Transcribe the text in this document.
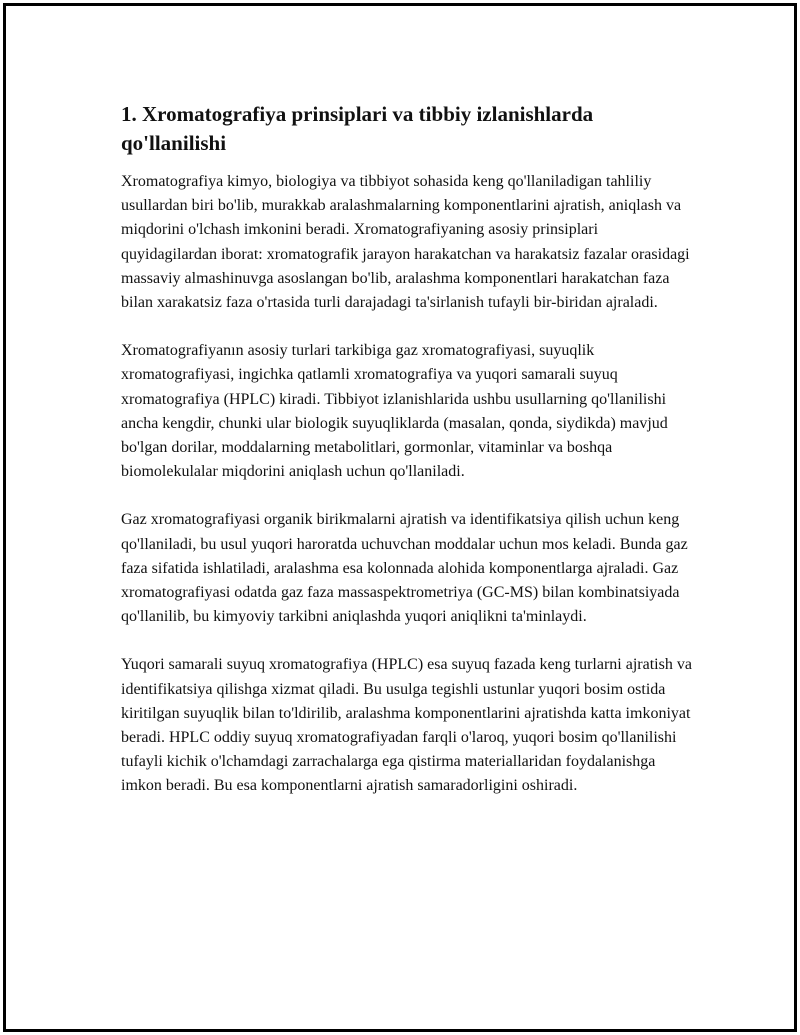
1. Xromatografiya prinsiplari va tibbiy izlanishlarda qo'llanilishi

Xromatografiya kimyo, biologiya va tibbiyot sohasida keng qo'llaniladigan tahliliy usullardan biri bo'lib, murakkab aralashmalarning komponentlarini ajratish, aniqlash va miqdorini o'lchash imkonini beradi. Xromatografiyaning asosiy prinsiplari quyidagilardan iborat: xromatografik jarayon harakatchan va harakatsiz fazalar orasidagi massaviy almashinuvga asoslangan bo'lib, aralashma komponentlari harakatchan faza bilan xarakatsiz faza o'rtasida turli darajadagi ta'sirlanish tufayli bir-biridan ajraladi.

Xromatografiyanın asosiy turlari tarkibiga gaz xromatografiyasi, suyuqlik xromatografiyasi, ingichka qatlamli xromatografiya va yuqori samarali suyuq xromatografiya (HPLC) kiradi. Tibbiyot izlanishlarida ushbu usullarning qo'llanilishi ancha kengdir, chunki ular biologik suyuqliklarda (masalan, qonda, siydikda) mavjud bo'lgan dorilar, moddalarning metabolitlari, gormonlar, vitaminlar va boshqa biomolekulalar miqdorini aniqlash uchun qo'llaniladi.

Gaz xromatografiyasi organik birikmalarni ajratish va identifikatsiya qilish uchun keng qo'llaniladi, bu usul yuqori haroratda uchuvchan moddalar uchun mos keladi. Bunda gaz faza sifatida ishlatiladi, aralashma esa kolonnada alohida komponentlarga ajraladi. Gaz xromatografiyasi odatda gaz faza massaspektrometriya (GC-MS) bilan kombinatsiyada qo'llanilib, bu kimyoviy tarkibni aniqlashda yuqori aniqlikni ta'minlaydi.

Yuqori samarali suyuq xromatografiya (HPLC) esa suyuq fazada keng turlarni ajratish va identifikatsiya qilishga xizmat qiladi. Bu usulga tegishli ustunlar yuqori bosim ostida kiritilgan suyuqlik bilan to'ldirilib, aralashma komponentlarini ajratishda katta imkoniyat beradi. HPLC oddiy suyuq xromatografiyadan farqli o'laroq, yuqori bosim qo'llanilishi tufayli kichik o'lchamdagi zarrachalarga ega qistirma materiallaridan foydalanishga imkon beradi. Bu esa komponentlarni ajratish samaradorligini oshiradi.
